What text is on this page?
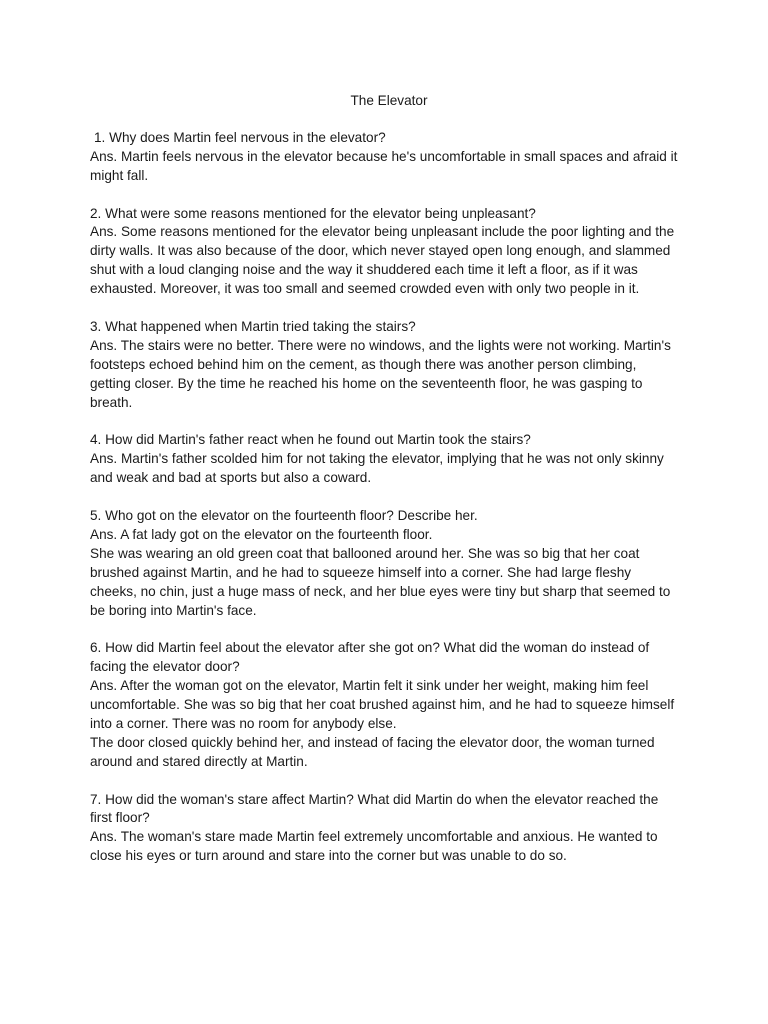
The Elevator

1. Why does Martin feel nervous in the elevator?

Ans. Martin feels nervous in the elevator because he's uncomfortable in small spaces and afraid it might fall.

2. What were some reasons mentioned for the elevator being unpleasant?

Ans. Some reasons mentioned for the elevator being unpleasant include the poor lighting and the dirty walls. It was also because of the door, which never stayed open long enough, and slammed shut with a loud clanging noise and the way it shuddered each time it left a floor, as if it was exhausted. Moreover, it was too small and seemed crowded even with only two people in it.

3. What happened when Martin tried taking the stairs?

Ans. The stairs were no better. There were no windows, and the lights were not working. Martin's footsteps echoed behind him on the cement, as though there was another person climbing, getting closer. By the time he reached his home on the seventeenth floor, he was gasping to breath.

4. How did Martin's father react when he found out Martin took the stairs?

Ans. Martin's father scolded him for not taking the elevator, implying that he was not only skinny and weak and bad at sports but also a coward.

5. Who got on the elevator on the fourteenth floor? Describe her.

Ans. A fat lady got on the elevator on the fourteenth floor.

She was wearing an old green coat that ballooned around her. She was so big that her coat brushed against Martin, and he had to squeeze himself into a corner. She had large fleshy cheeks, no chin, just a huge mass of neck, and her blue eyes were tiny but sharp that seemed to be boring into Martin's face.

6. How did Martin feel about the elevator after she got on? What did the woman do instead of facing the elevator door?

Ans. After the woman got on the elevator, Martin felt it sink under her weight, making him feel uncomfortable. She was so big that her coat brushed against him, and he had to squeeze himself into a corner. There was no room for anybody else.

The door closed quickly behind her, and instead of facing the elevator door, the woman turned around and stared directly at Martin.

7. How did the woman's stare affect Martin? What did Martin do when the elevator reached the first floor?

Ans. The woman's stare made Martin feel extremely uncomfortable and anxious. He wanted to close his eyes or turn around and stare into the corner but was unable to do so.
